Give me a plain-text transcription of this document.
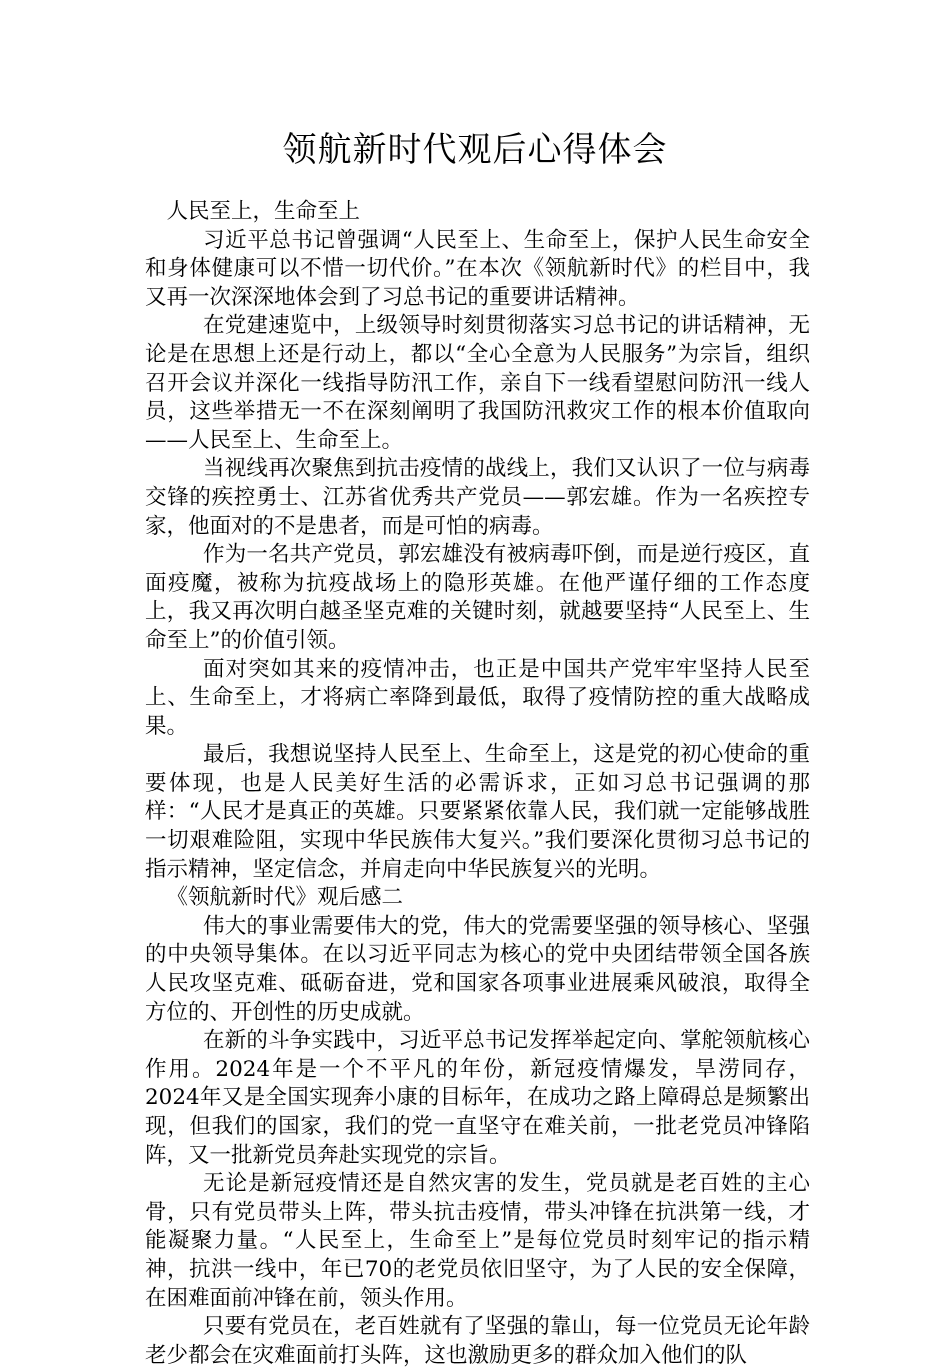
领航新时代观后心得体会

人民至上，生命至上

习近平总书记曾强调“人民至上、生命至上，保护人民生命安全和身体健康可以不惜一切代价。”在本次《领航新时代》的栏目中，我又再一次深深地体会到了习总书记的重要讲话精神。

在党建速览中，上级领导时刻贯彻落实习总书记的讲话精神，无论是在思想上还是行动上，都以“全心全意为人民服务”为宗旨，组织召开会议并深化一线指导防汛工作，亲自下一线看望慰问防汛一线人员，这些举措无一不在深刻阐明了我国防汛救灾工作的根本价值取向——人民至上、生命至上。

当视线再次聚焦到抗击疫情的战线上，我们又认识了一位与病毒交锋的疾控勇士、江苏省优秀共产党员——郭宏雄。作为一名疾控专家，他面对的不是患者，而是可怕的病毒。

作为一名共产党员，郭宏雄没有被病毒吓倒，而是逆行疫区，直面疫魔，被称为抗疫战场上的隐形英雄。在他严谨仔细的工作态度上，我又再次明白越圣坚克难的关键时刻，就越要坚持“人民至上、生命至上”的价值引领。

面对突如其来的疫情冲击，也正是中国共产党牢牢坚持人民至上、生命至上，才将病亡率降到最低，取得了疫情防控的重大战略成果。

最后，我想说坚持人民至上、生命至上，这是党的初心使命的重要体现，也是人民美好生活的必需诉求，正如习总书记强调的那样：“人民才是真正的英雄。只要紧紧依靠人民，我们就一定能够战胜一切艰难险阻，实现中华民族伟大复兴。”我们要深化贯彻习总书记的指示精神，坚定信念，并肩走向中华民族复兴的光明。

《领航新时代》观后感二

伟大的事业需要伟大的党，伟大的党需要坚强的领导核心、坚强的中央领导集体。在以习近平同志为核心的党中央团结带领全国各族人民攻坚克难、砥砺奋进，党和国家各项事业进展乘风破浪，取得全方位的、开创性的历史成就。

在新的斗争实践中，习近平总书记发挥举起定向、掌舵领航核心作用。2024年是一个不平凡的年份，新冠疫情爆发，旱涝同存，2024年又是全国实现奔小康的目标年，在成功之路上障碍总是频繁出现，但我们的国家，我们的党一直坚守在难关前，一批老党员冲锋陷阵，又一批新党员奔赴实现党的宗旨。

无论是新冠疫情还是自然灾害的发生，党员就是老百姓的主心骨，只有党员带头上阵，带头抗击疫情，带头冲锋在抗洪第一线，才能凝聚力量。“人民至上，生命至上”是每位党员时刻牢记的指示精神，抗洪一线中，年已70的老党员依旧坚守，为了人民的安全保障，在困难面前冲锋在前，领头作用。

只要有党员在，老百姓就有了坚强的靠山，每一位党员无论年龄老少都会在灾难面前打头阵，这也激励更多的群众加入他们的队
